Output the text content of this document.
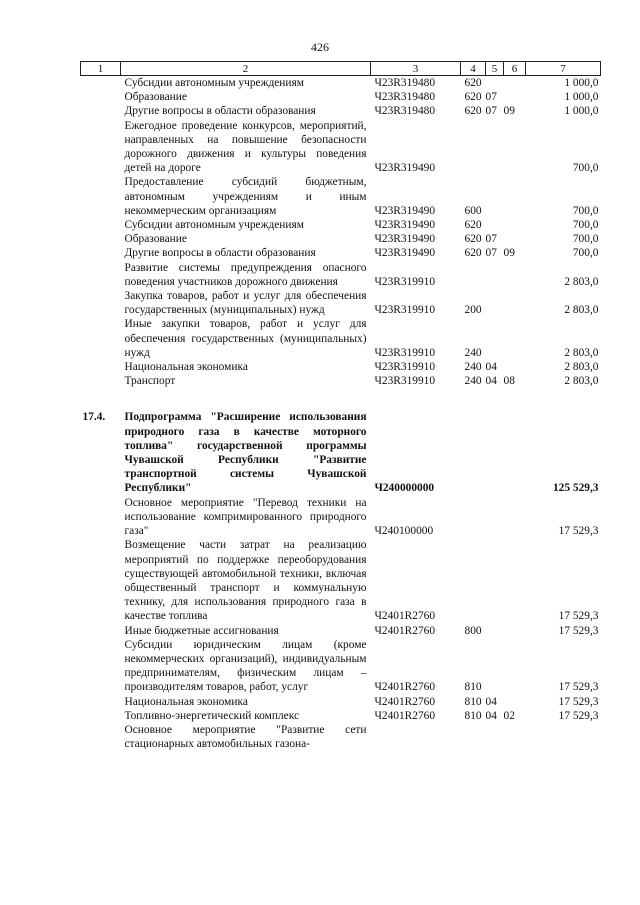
426
1	2	3	4	5	6	7
	Субсидии автономным учреждениям	Ч23R319480	620			1 000,0
	Образование	Ч23R319480	620	07		1 000,0
	Другие вопросы в области образования	Ч23R319480	620	07	09	1 000,0
	Ежегодное проведение конкурсов, мероприятий, направленных на повышение безопасности дорожного движения и культуры поведения детей на дороге	Ч23R319490				700,0
	Предоставление субсидий бюджетным, автономным учреждениям и иным некоммерческим организациям	Ч23R319490	600			700,0
	Субсидии автономным учреждениям	Ч23R319490	620			700,0
	Образование	Ч23R319490	620	07		700,0
	Другие вопросы в области образования	Ч23R319490	620	07	09	700,0
	Развитие системы предупреждения опасного поведения участников дорожного движения	Ч23R319910				2 803,0
	Закупка товаров, работ и услуг для обеспечения государственных (муниципальных) нужд	Ч23R319910	200			2 803,0
	Иные закупки товаров, работ и услуг для обеспечения государственных (муниципальных) нужд	Ч23R319910	240			2 803,0
	Национальная экономика	Ч23R319910	240	04		2 803,0
	Транспорт	Ч23R319910	240	04	08	2 803,0

17.4.	Подпрограмма "Расширение использования природного газа в качестве моторного топлива" государственной программы Чувашской Республики "Развитие транспортной системы Чувашской Республики"	Ч240000000				125 529,3
	Основное мероприятие "Перевод техники на использование компримированного природного газа"	Ч240100000				17 529,3
	Возмещение части затрат на реализацию мероприятий по поддержке переоборудования существующей автомобильной техники, включая общественный транспорт и коммунальную технику, для использования природного газа в качестве топлива	Ч2401R2760				17 529,3
	Иные бюджетные ассигнования	Ч2401R2760	800			17 529,3
	Субсидии юридическим лицам (кроме некоммерческих организаций), индивидуальным предпринимателям, физическим лицам – производителям товаров, работ, услуг	Ч2401R2760	810			17 529,3
	Национальная экономика	Ч2401R2760	810	04		17 529,3
	Топливно-энергетический комплекс	Ч2401R2760	810	04	02	17 529,3
	Основное мероприятие "Развитие сети стационарных автомобильных газона-					
